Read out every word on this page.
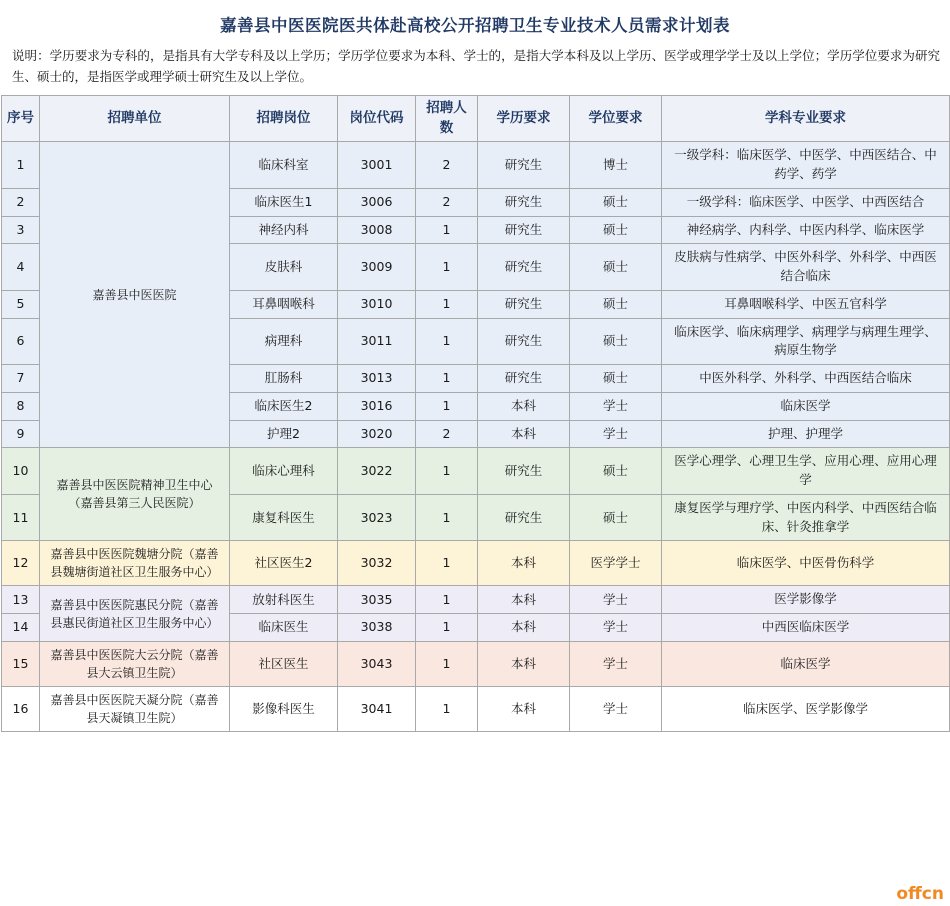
嘉善县中医医院医共体赴高校公开招聘卫生专业技术人员需求计划表
说明：学历要求为专科的，是指具有大学专科及以上学历；学历学位要求为本科、学士的，是指大学本科及以上学历、医学或理学学士及以上学位；学历学位要求为研究生、硕士的，是指医学或理学硕士研究生及以上学位。
序号	招聘单位	招聘岗位	岗位代码	招聘人数	学历要求	学位要求	学科专业要求
1	嘉善县中医医院	临床科室	3001	2	研究生	博士	一级学科：临床医学、中医学、中西医结合、中药学、药学
2		临床医生1	3006	2	研究生	硕士	一级学科：临床医学、中医学、中西医结合
3		神经内科	3008	1	研究生	硕士	神经病学、内科学、中医内科学、临床医学
4		皮肤科	3009	1	研究生	硕士	皮肤病与性病学、中医外科学、外科学、中西医结合临床
5		耳鼻咽喉科	3010	1	研究生	硕士	耳鼻咽喉科学、中医五官科学
6		病理科	3011	1	研究生	硕士	临床医学、临床病理学、病理学与病理生理学、病原生物学
7		肛肠科	3013	1	研究生	硕士	中医外科学、外科学、中西医结合临床
8		临床医生2	3016	1	本科	学士	临床医学
9		护理2	3020	2	本科	学士	护理、护理学
10	嘉善县中医医院精神卫生中心（嘉善县第三人民医院）	临床心理科	3022	1	研究生	硕士	医学心理学、心理卫生学、应用心理、应用心理学
11		康复科医生	3023	1	研究生	硕士	康复医学与理疗学、中医内科学、中西医结合临床、针灸推拿学
12	嘉善县中医医院魏塘分院（嘉善县魏塘街道社区卫生服务中心）	社区医生2	3032	1	本科	医学学士	临床医学、中医骨伤科学
13	嘉善县中医医院惠民分院（嘉善县惠民街道社区卫生服务中心）	放射科医生	3035	1	本科	学士	医学影像学
14		临床医生	3038	1	本科	学士	中西医临床医学
15	嘉善县中医医院大云分院（嘉善县大云镇卫生院）	社区医生	3043	1	本科	学士	临床医学
16	嘉善县中医医院天凝分院（嘉善县天凝镇卫生院）	影像科医生	3041	1	本科	学士	临床医学、医学影像学
offcn
